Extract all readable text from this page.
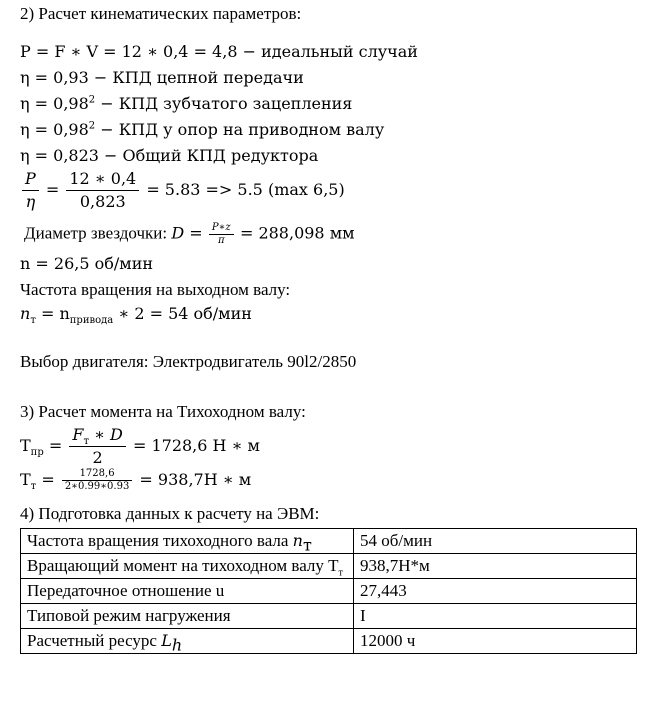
2) Расчет кинематических параметров:
P = F ∗ V = 12 ∗ 0,4 = 4,8 − идеальный случай
η = 0,93 − КПД цепной передачи
$\eta = 0,98^2$ − КПД зубчатого зацепления
$\eta = 0,98^2$ − КПД у опор на приводном валу
η = 0,823 − Общий КПД редуктора
$\frac{P}{\eta} = \frac{12 ∗ 0,4}{0,823} = 5.83 => 5.5$ (max 6,5)
Диаметр звездочки: $D = \frac{P∗z}{\pi} = 288,098$ мм
n = 26,5 об/мин
Частота вращения на выходном валу:
$n_т = n_{привода}$ ∗ 2 = 54 об/мин
Выбор двигателя: Электродвигатель 90l2/2850
3) Расчет момента на Тихоходном валу:
$T_{пр} = \frac{F_т ∗ D}{2} = 1728,6$ Н ∗ м
$T_т = \frac{1728,6}{2∗0.99∗0.93} = 938,7Н$ ∗ м
4) Подготовка данных к расчету на ЭВМ:
Частота вращения тихоходного вала $n_т$	54 об/мин
Вращающий момент на тихоходном валу $T_т$	938,7Н*м
Передаточное отношение u	27,443
Типовой режим нагружения	I
Расчетный ресурс $L_h$	12000 ч
